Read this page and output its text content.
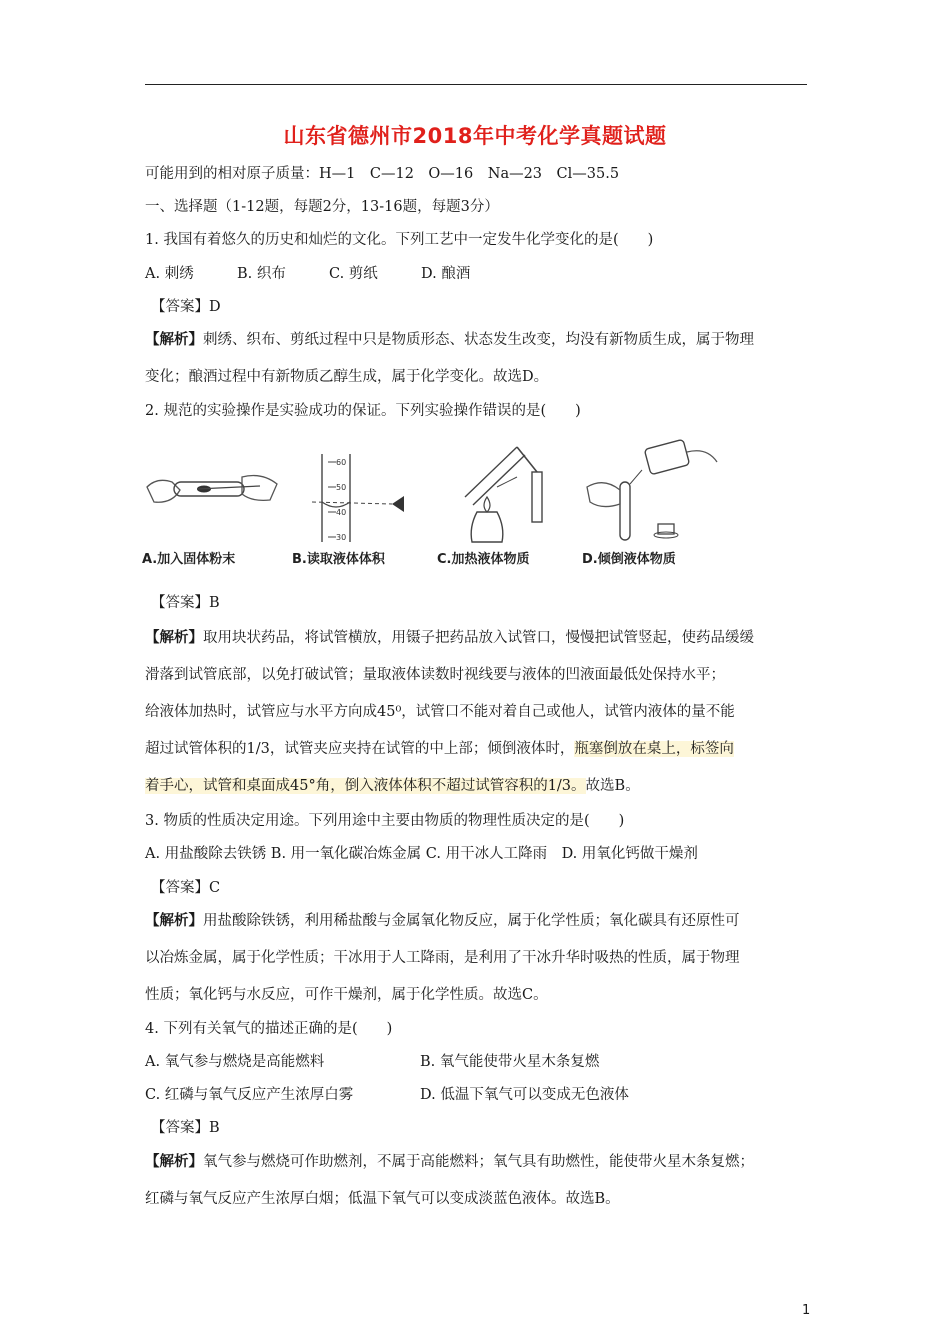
山东省德州市2018年中考化学真题试题
可能用到的相对原子质量：H—1　C—12　O—16　Na—23　Cl—35.5
一、选择题（1-12题，每题2分，13-16题，每题3分）
1. 我国有着悠久的历史和灿烂的文化。下列工艺中一定发牛化学变化的是(　　)
A. 刺绣	B. 织布	C. 剪纸	D. 酿酒
【答案】D
【解析】刺绣、织布、剪纸过程中只是物质形态、状态发生改变，均没有新物质生成，属于物理
变化；酿酒过程中有新物质乙醇生成，属于化学变化。故选D。
2. 规范的实验操作是实验成功的保证。下列实验操作错误的是(　　)
A.加入固体粉末
60
50
40
30
B.读取液体体积	C.加热液体物质	D.倾倒液体物质
【答案】B
【解析】取用块状药品，将试管横放，用镊子把药品放入试管口，慢慢把试管竖起，使药品缓缓
滑落到试管底部，以免打破试管；量取液体读数时视线要与液体的凹液面最低处保持水平；
给液体加热时，试管应与水平方向成45⁰，试管口不能对着自己或他人，试管内液体的量不能
超过试管体积的1/3，试管夹应夹持在试管的中上部；倾倒液体时，瓶塞倒放在桌上，标签向
着手心，试管和桌面成45°角，倒入液体体积不超过试管容积的1/3。故选B。
3. 物质的性质决定用途。下列用途中主要由物质的物理性质决定的是(　　)
A. 用盐酸除去铁锈 B. 用一氧化碳冶炼金属 C. 用干冰人工降雨　D. 用氧化钙做干燥剂
【答案】C
【解析】用盐酸除铁锈，利用稀盐酸与金属氧化物反应，属于化学性质；氧化碳具有还原性可
以冶炼金属，属于化学性质；干冰用于人工降雨，是利用了干冰升华时吸热的性质，属于物理
性质；氧化钙与水反应，可作干燥剂，属于化学性质。故选C。
4. 下列有关氧气的描述正确的是(　　)
A. 氧气参与燃烧是高能燃料	B. 氧气能使带火星木条复燃
C. 红磷与氧气反应产生浓厚白雾	D. 低温下氧气可以变成无色液体
【答案】B
【解析】氧气参与燃烧可作助燃剂，不属于高能燃料；氧气具有助燃性，能使带火星木条复燃；
红磷与氧气反应产生浓厚白烟；低温下氧气可以变成淡蓝色液体。故选B。
1
